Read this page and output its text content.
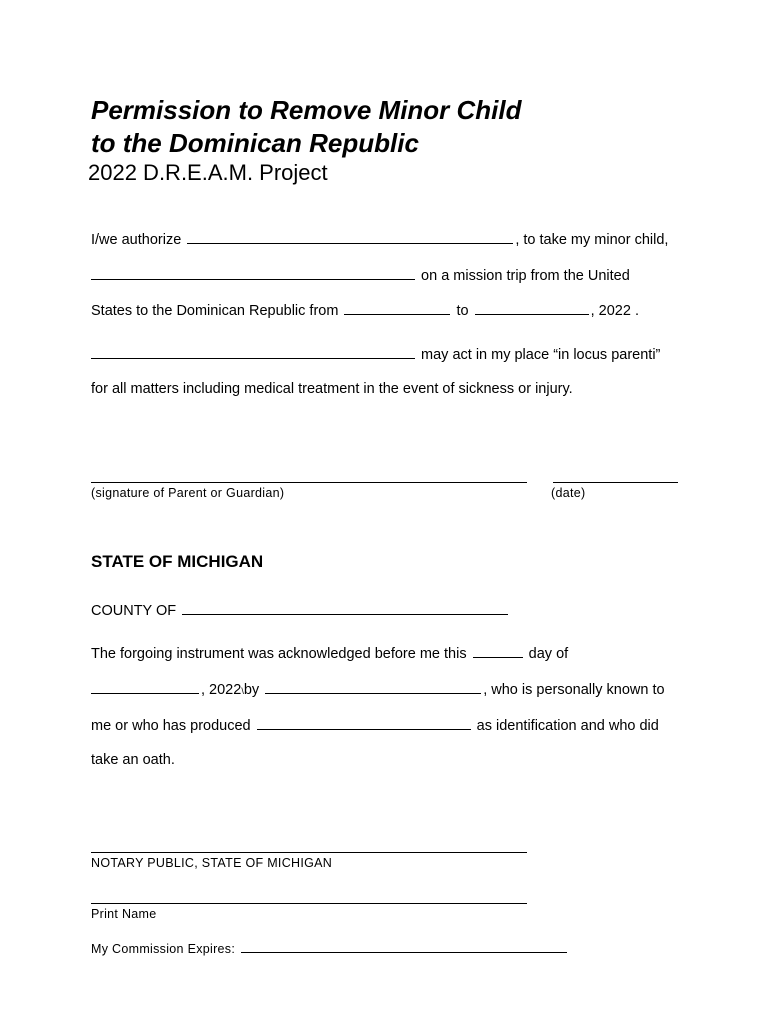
Permission to Remove Minor Child
to the Dominican Republic
2022 D.R.E.A.M. Project
I/we authorize	, to take my minor child,
on a mission trip from the United
States to the Dominican Republic from	to	, 2022 .
may act in my place “in locus parenti”
for all matters including medical treatment in the event of sickness or injury.
(signature of Parent or Guardian)	(date)
STATE OF MICHIGAN
COUNTY OF
The forgoing instrument was acknowledged before me this	day of
, 2022\by	, who is personally known to
me or who has produced	as identification and who did
take an oath.
NOTARY PUBLIC, STATE OF MICHIGAN
Print Name
My Commission Expires:
